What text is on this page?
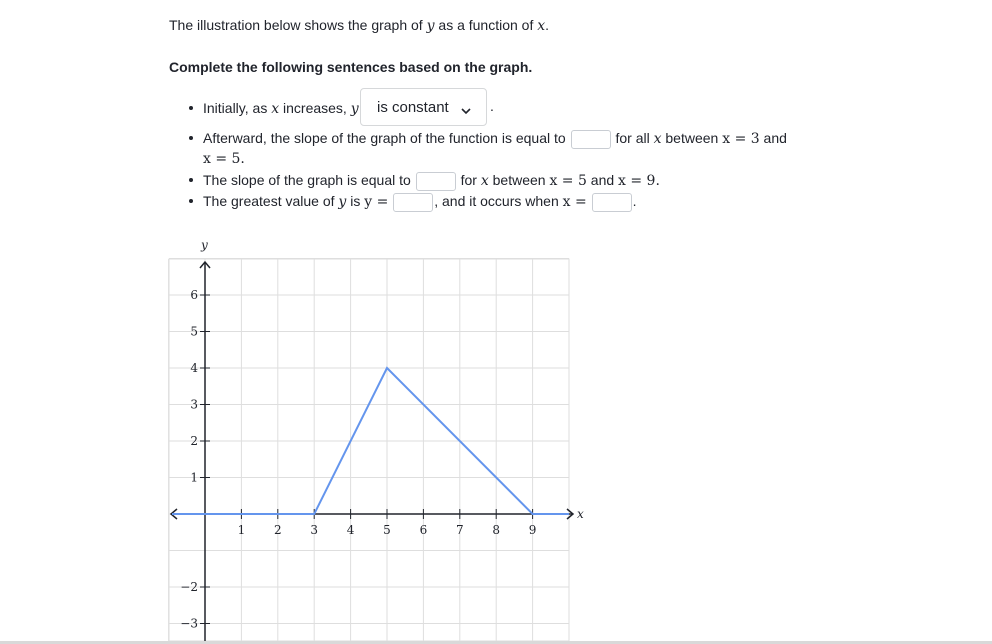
The illustration below shows the graph of y as a function of x.
Complete the following sentences based on the graph.
Initially, as x increases, y is constant	.
Afterward, the slope of the graph of the function is equal to	for all x between x = 3 and
x = 5.
The slope of the graph is equal to	for x between x = 5 and x = 9.
The greatest value of y is y =	, and it occurs when x =	.
x
y
1 2 3 4 5 6 7 8 9
6
5
4
3
2
1
−2
−3
